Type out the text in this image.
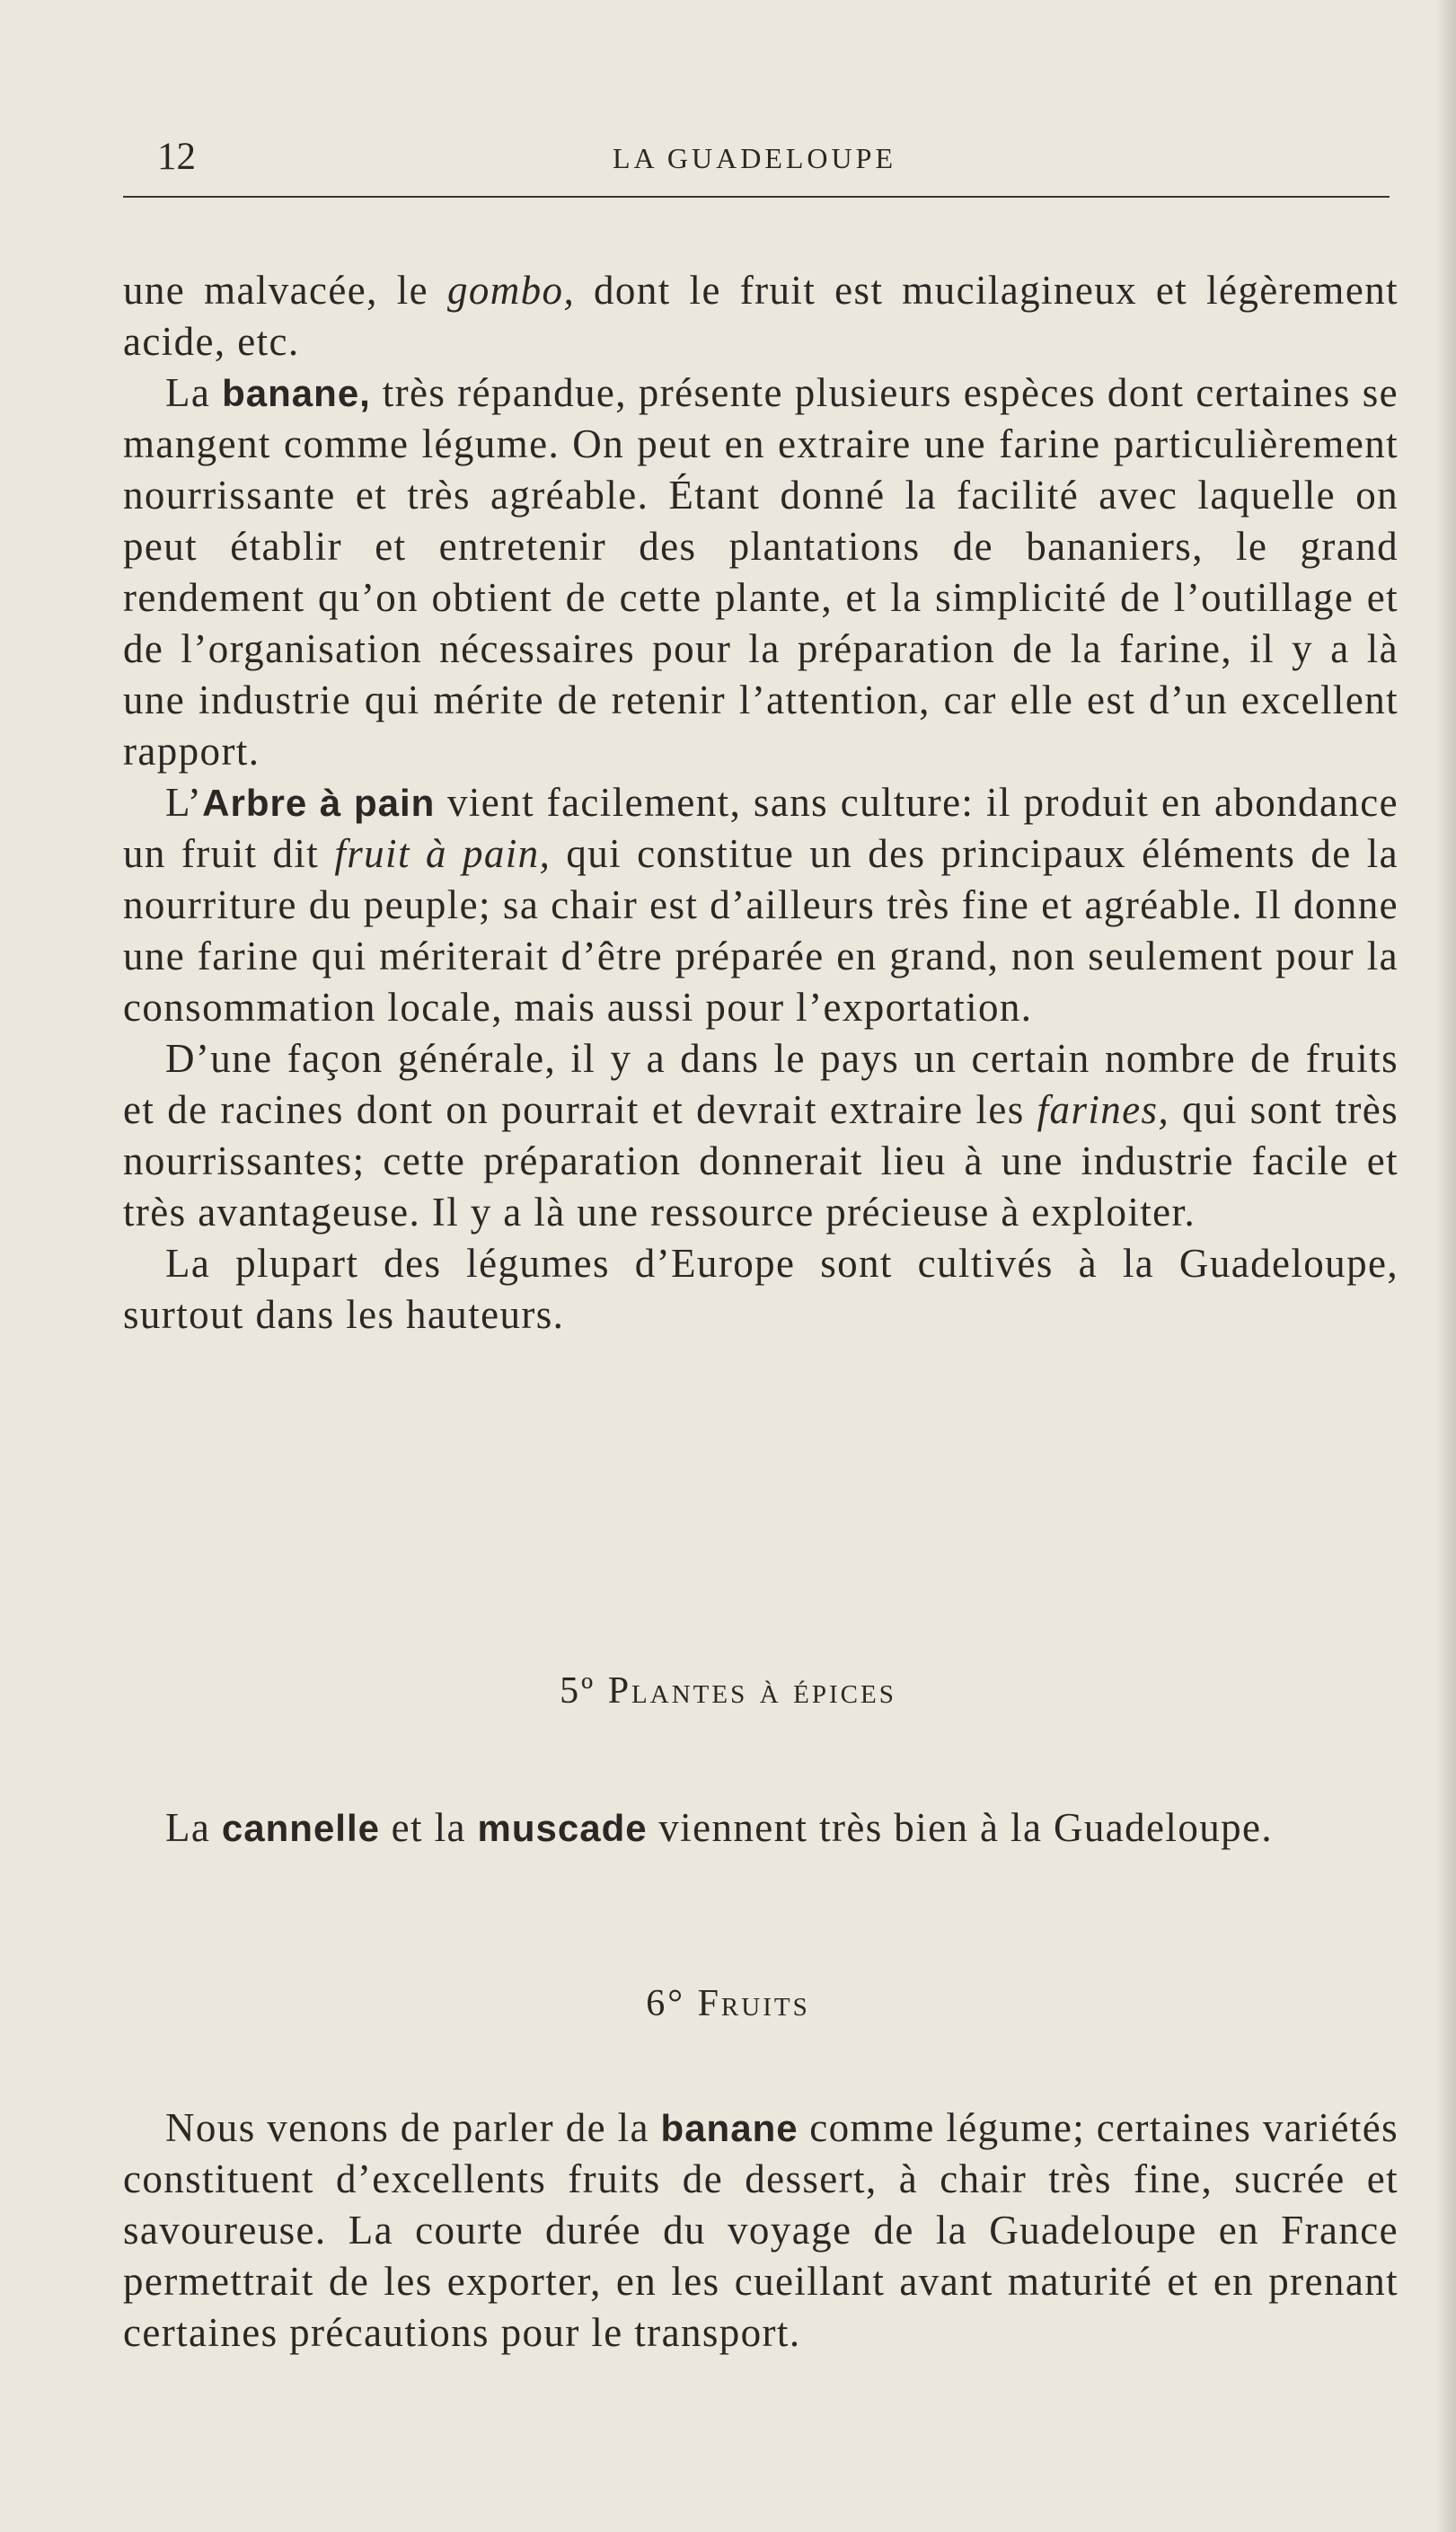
12	LA GUADELOUPE

une malvacée, le gombo, dont le fruit est mucilagineux et légèrement acide, etc.

La banane, très répandue, présente plusieurs espèces dont certaines se mangent comme légume. On peut en extraire une farine particulièrement nourrissante et très agréable. Étant donné la facilité avec laquelle on peut établir et entretenir des plantations de bananiers, le grand rendement qu’on obtient de cette plante, et la simplicité de l’outillage et de l’organisation nécessaires pour la préparation de la farine, il y a là une industrie qui mérite de retenir l’attention, car elle est d’un excellent rapport.

L’Arbre à pain vient facilement, sans culture: il produit en abondance un fruit dit fruit à pain, qui constitue un des principaux éléments de la nourriture du peuple; sa chair est d’ailleurs très fine et agréable. Il donne une farine qui mériterait d’être préparée en grand, non seulement pour la consommation locale, mais aussi pour l’exportation.

D’une façon générale, il y a dans le pays un certain nombre de fruits et de racines dont on pourrait et devrait extraire les farines, qui sont très nourrissantes; cette préparation donnerait lieu à une industrie facile et très avantageuse. Il y a là une ressource précieuse à exploiter.

La plupart des légumes d’Europe sont cultivés à la Guadeloupe, surtout dans les hauteurs.

5º Plantes à épices

La cannelle et la muscade viennent très bien à la Guadeloupe.

6° Fruits

Nous venons de parler de la banane comme légume; certaines variétés constituent d’excellents fruits de dessert, à chair très fine, sucrée et savoureuse. La courte durée du voyage de la Guadeloupe en France permettrait de les exporter, en les cueillant avant maturité et en prenant certaines précautions pour le transport.
